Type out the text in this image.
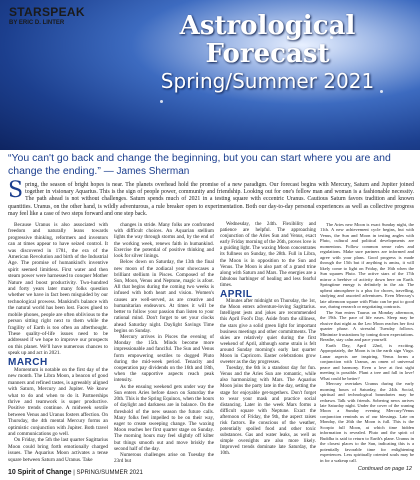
STARSPEAK
BY ERIC D. LINTER	Astrological
Forecast
Spring/Summer 2021
“You can't go back and change the beginning, but you can start where you are and change the ending.” — James Sherman
S pring, the season of bright hopes is near. The planets overhead hold the promise of a new paradigm. Our forecast begins with Mercury, Saturn and Jupiter joined together in visionary Aquarius. This is the sign of people power, community and friendship. Looking out for one's fellow man and woman is a fashionable necessity. The path ahead is not without challenges. Saturn spends much of 2021 in a testing square with eccentric Uranus. Cautious Saturn favors tradition and known quantities. Uranus, on the other hand, is wildly adventurous, a rule breaker open to experimentation. Both our day-to-day personal experiences as well as collective progress may feel like a case of two steps forward and one step back.

Because Uranus is also associated with freedom and naturally leans towards progressive thinking, reformers and inventors can at times appear to have seized control. It was discovered in 1781, the era of the American Revolution and birth of the Industrial Age. The promise of humankind's inventive spirit seemed limitless. First water and then steam power were harnessed to conquer Mother Nature and boost productivity. Two-hundred and forty years later many folks question whether we have in fact been misguided by our technological prowess. Mankind's balance with the natural world has been lost. Faces glued to mobile phones, people are often oblivious to the person sitting right next to them while the fragility of Earth is too often an afterthought. These quality-of-life issues need to be addressed if we hope to improve our prospects on this planet. We'll have numerous chances to speak up and act in 2021.

MARCH

Momentum is notable on the first day of the new month. The Libra Moon, a beacon of good manners and refined tastes, is agreeably aligned with Saturn, Mercury and Jupiter. We know what to do and when to do it. Partnerships thrive and teamwork is super productive. Positive trends continue. A midweek sextile between Venus and Uranus fosters affection. On Thursday, the 4th mental Mercury forms an optimistic conjunction with Jupiter. Both travel and communications go well.

On Friday, the 5th the last quarter Sagittarius Moon could bring forth emotionally charged issues. The Aquarius Moon activates a tense square between Saturn and Uranus. Take

changes in stride. Many folks are confronted with difficult choices. An Aquarian stellium lights the way through storms and, by the end of the working week, renews faith in humankind. Exercise the potential of positive thinking and look for silver linings.

Below down on Saturday, the 13th the final new moon of the zodiacal year showcases a brilliant stellium in Pisces. Composed of the Sun, Moon, Venus and Neptune, magic is afoot. All that begins during the coming two weeks is infused with both heart and vision. Women's causes are well-served, as are creative and humanitarian endeavors. At times it will be better to follow your passion than listen to your rational mind. Don't forget to set your clocks ahead Saturday night. Daylight Savings Time begins on Sunday.

Mercury arrives in Pisces the evening of Monday the 15th. Minds become more impressionable and fanciful. The Sun and Venus form empowering sextiles to dogged Pluto during the mid-week period. Tenacity and cooperation pay dividends on the 16th and 18th, when the supportive aspects reach peak intensity.

As the ensuing weekend gets under way the Sun enters Aries before dawn on Saturday the 20th. This is the Spring Equinox, when the hours of daylight and darkness are in balance. On the threshold of the new season the future calls. Many folks feel impelled to be on their way, eager to create sweeping change. The waxing Moon reaches her first quarter stage on Sunday. The morning hours may feel slightly off kilter but things smooth out and move briskly the second half of the day.

Numerous challenges arise on Tuesday the 23rd but

Wednesday, the 24th. Flexibility and patience are helpful. The approaching conjunction of the Aries Sun and Venus, exact early Friday morning of the 26th, proves love is a guiding light. The waxing Moon concentrates its fullness on Sunday, the 28th. Full in Libra, the Moon is in opposition to the Sun and Venus. The Moon is also part of a grand trine along with Saturn and Mars. The energies are a fabulous harbinger of healing and less fearful times.

APRIL

Minutes after midnight on Thursday, the 1st, the Moon enters adventure-loving Sagittarius. Intelligent jests and jokes are recommended this April Fool's Day. Aside from the silliness, the stars give a solid green light for important business meetings and other commitments. The skies are relatively quiet during the first weekend of April, although some strain is felt around Sunday morning's early last quarter Moon in Capricorn. Easter celebrations grow sweeter as the day progresses.

Tuesday, the 6th is a standout day for fun. Venus and the Aries Sun are romantic, while also harmonizing with Mars. The Aquarius Moon joins the party late in the day, setting the stage for enjoyable get-togethers. Don't forget to wear your mask and practice social distancing. Later in the week Mars forms a difficult square with Neptune. Exact the afternoon of Friday, the 9th, the aspect raises risk factors. Be conscious of the weather, potentially spoiled food and other toxic substances. Gas and water leaks, as well as simple oversights are also more likely. Improved trends dominate late Saturday, the 10th.

The Aries new Moon is exact Sunday night, the 11th. A new achievement cycle begins, but with Venus, the Sun and Moon in testing angles with Pluto, cultural and political developments are momentous. Follow common sense rules and regulations. Make sure partners are informed and agree with your plans. Good progress is made through the 15th but if anything is amiss, it will likely come to light on Friday, the 16th when the Sun squares Pluto. The active stars of the 17th mirror a beehive of activity down here on Earth. Springtime energy is definitely in the air. The upbeat atmosphere is a plus for chores, travelling, studying and assorted adventures. Even Mercury's late afternoon square with Pluto can be put to good use, during research or negotiating contracts.

The Sun enters Taurus on Monday afternoon, the 19th. The pace of life eases. Sleep may be elusive that night as the Leo Moon reaches her first quarter phase. A stressful Tuesday follows. Minimize frustrations by toning down expectations. Breathe, stay calm and pace yourself.

Earth Day, April 22nd, is exciting. Appropriately, the Moon is in the earth sign Virgo. Lunar aspects are inspiring. Venus forms a conjunction with Uranus, an omen of universal peace and harmony. Even a love at first sight meeting is possible. Plant a tree and fall in love! What could be better?

Mercury overtakes Uranus during the early morning hours of Saturday, the 24th. Social, spiritual and technological boundaries may be redrawn. Talk with friends. Sobering news arrives late Saturday night. Under the cover of the waning Moon a Sunday evening Mercury/Venus conjunction reminds us of our blessings. Late on Monday, the 26th the Moon is full. This is the Scorpio full Moon, at which time hidden information is revealed. Pluto and the spirit of Buddha is said to return to Earth's plane. Uranus in the closest places to the Sun, indicating this is a potentially favorable time for enlightening experiences. Less spiritually oriented souls may be in for a wakeup call.

10 Spirit of Change | SPRING/SUMMER 2021
Continued on page 12
